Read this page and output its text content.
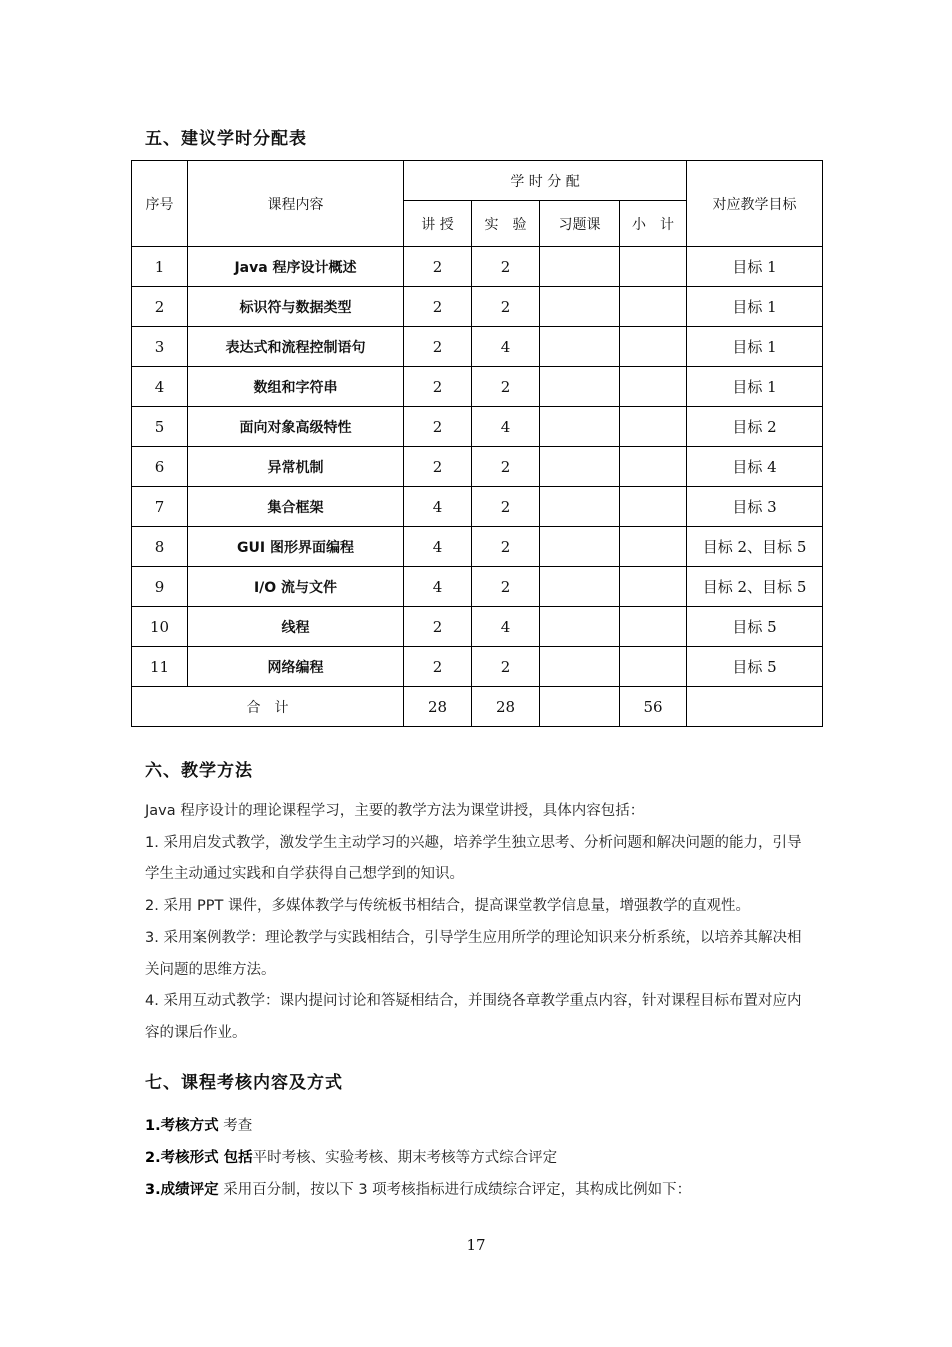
五、建议学时分配表
序号	课程内容	学 时 分 配				对应教学目标
		讲 授	实　验	习题课	小　计	
1	Java 程序设计概述	2	2			目标 1
2	标识符与数据类型	2	2			目标 1
3	表达式和流程控制语句	2	4			目标 1
4	数组和字符串	2	2			目标 1
5	面向对象高级特性	2	4			目标 2
6	异常机制	2	2			目标 4
7	集合框架	4	2			目标 3
8	GUI 图形界面编程	4	2			目标 2、目标 5
9	I/O 流与文件	4	2			目标 2、目标 5
10	线程	2	4			目标 5
11	网络编程	2	2			目标 5
合　计		28	28		56	
六、教学方法
Java 程序设计的理论课程学习，主要的教学方法为课堂讲授，具体内容包括：
1. 采用启发式教学，激发学生主动学习的兴趣，培养学生独立思考、分析问题和解决问题的能力，引导学生主动通过实践和自学获得自己想学到的知识。
2. 采用 PPT 课件，多媒体教学与传统板书相结合，提高课堂教学信息量，增强教学的直观性。
3. 采用案例教学：理论教学与实践相结合，引导学生应用所学的理论知识来分析系统，以培养其解决相关问题的思维方法。
4. 采用互动式教学：课内提问讨论和答疑相结合，并围绕各章教学重点内容，针对课程目标布置对应内容的课后作业。
七、课程考核内容及方式
1.考核方式 考查
2.考核形式 包括平时考核、实验考核、期末考核等方式综合评定
3.成绩评定 采用百分制，按以下 3 项考核指标进行成绩综合评定，其构成比例如下：
17
